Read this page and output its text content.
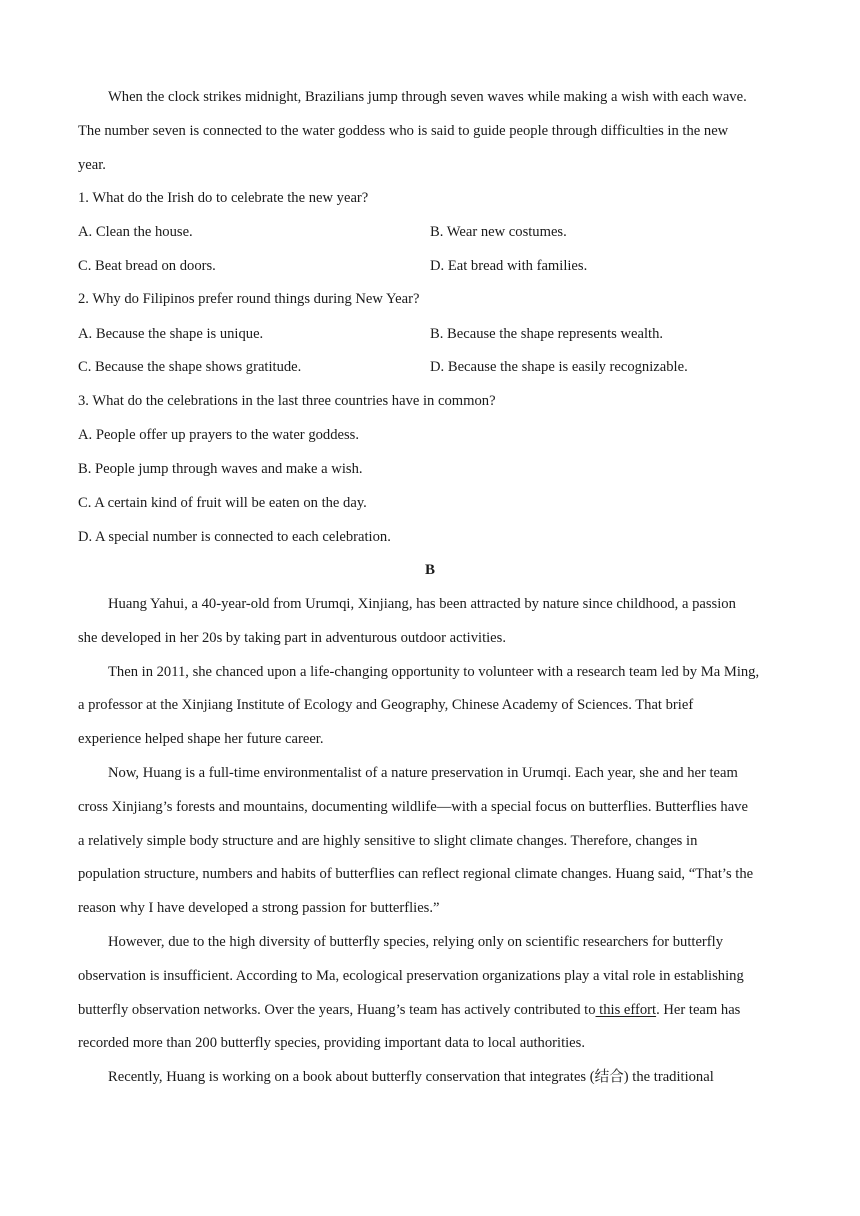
When the clock strikes midnight, Brazilians jump through seven waves while making a wish with each wave.
The number seven is connected to the water goddess who is said to guide people through difficulties in the new
year.
1. What do the Irish do to celebrate the new year?
A. Clean the house.	B. Wear new costumes.
C. Beat bread on doors.	D. Eat bread with families.
2. Why do Filipinos prefer round things during New Year?
A. Because the shape is unique.	B. Because the shape represents wealth.
C. Because the shape shows gratitude.	D. Because the shape is easily recognizable.
3. What do the celebrations in the last three countries have in common?
A. People offer up prayers to the water goddess.
B. People jump through waves and make a wish.
C. A certain kind of fruit will be eaten on the day.
D. A special number is connected to each celebration.
B
Huang Yahui, a 40-year-old from Urumqi, Xinjiang, has been attracted by nature since childhood, a passion
she developed in her 20s by taking part in adventurous outdoor activities.
Then in 2011, she chanced upon a life-changing opportunity to volunteer with a research team led by Ma Ming,
a professor at the Xinjiang Institute of Ecology and Geography, Chinese Academy of Sciences. That brief
experience helped shape her future career.
Now, Huang is a full-time environmentalist of a nature preservation in Urumqi. Each year, she and her team
cross Xinjiang’s forests and mountains, documenting wildlife—with a special focus on butterflies. Butterflies have
a relatively simple body structure and are highly sensitive to slight climate changes. Therefore, changes in
population structure, numbers and habits of butterflies can reflect regional climate changes. Huang said, “That’s the
reason why I have developed a strong passion for butterflies.”
However, due to the high diversity of butterfly species, relying only on scientific researchers for butterfly
observation is insufficient. According to Ma, ecological preservation organizations play a vital role in establishing
butterfly observation networks. Over the years, Huang’s team has actively contributed to this effort. Her team has
recorded more than 200 butterfly species, providing important data to local authorities.
Recently, Huang is working on a book about butterfly conservation that integrates (结合) the traditional
